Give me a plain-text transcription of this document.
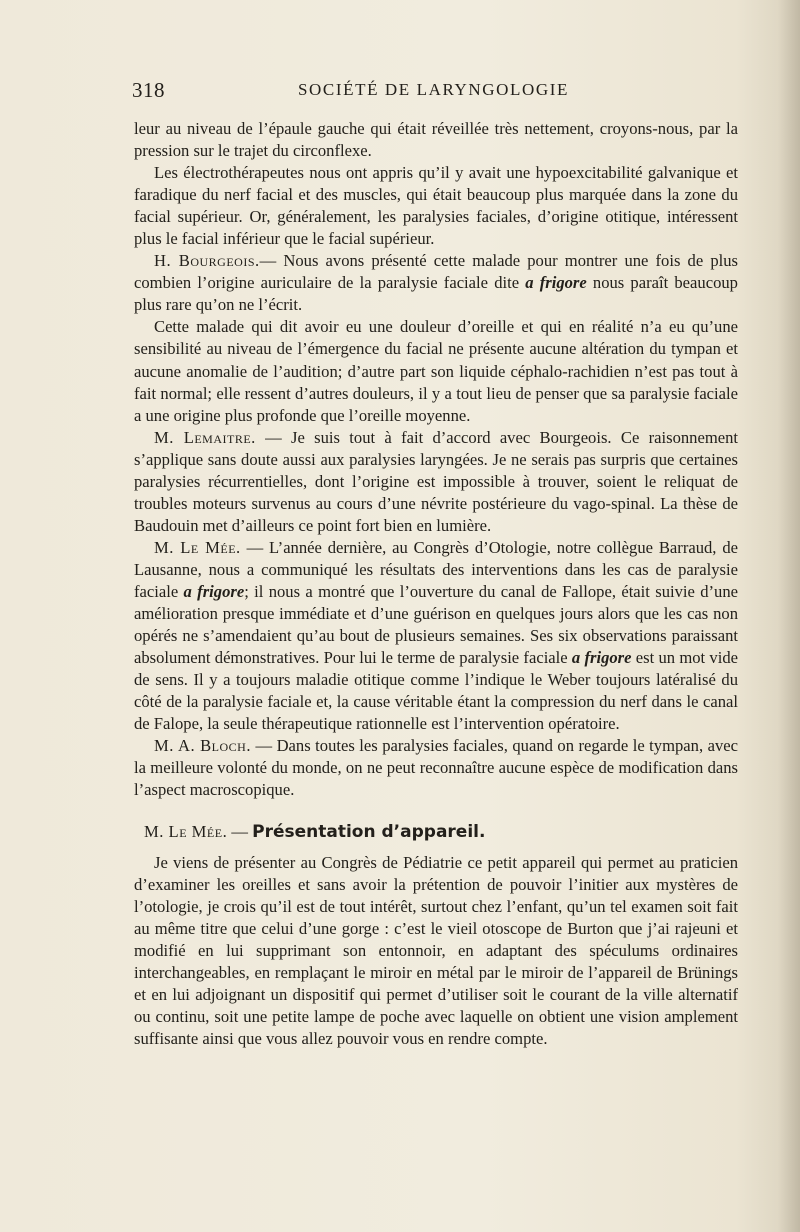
318	SOCIÉTÉ DE LARYNGOLOGIE

leur au niveau de l’épaule gauche qui était réveillée très nettement, croyons-nous, par la pression sur le trajet du circonflexe.

Les électrothérapeutes nous ont appris qu’il y avait une hypoexcitabilité galvanique et faradique du nerf facial et des muscles, qui était beaucoup plus marquée dans la zone du facial supérieur. Or, généralement, les paralysies faciales, d’origine otitique, intéressent plus le facial inférieur que le facial supérieur.

H. Bourgeois.— Nous avons présenté cette malade pour montrer une fois de plus combien l’origine auriculaire de la paralysie faciale dite a frigore nous paraît beaucoup plus rare qu’on ne l’écrit.

Cette malade qui dit avoir eu une douleur d’oreille et qui en réalité n’a eu qu’une sensibilité au niveau de l’émergence du facial ne présente aucune altération du tympan et aucune anomalie de l’audition; d’autre part son liquide céphalo-rachidien n’est pas tout à fait normal; elle ressent d’autres douleurs, il y a tout lieu de penser que sa paralysie faciale a une origine plus profonde que l’oreille moyenne.

M. Lemaitre. — Je suis tout à fait d’accord avec Bourgeois. Ce raisonnement s’applique sans doute aussi aux paralysies laryngées. Je ne serais pas surpris que certaines paralysies récurrentielles, dont l’origine est impossible à trouver, soient le reliquat de troubles moteurs survenus au cours d’une névrite postérieure du vago-spinal. La thèse de Baudouin met d’ailleurs ce point fort bien en lumière.

M. Le Mée. — L’année dernière, au Congrès d’Otologie, notre collègue Barraud, de Lausanne, nous a communiqué les résultats des interventions dans les cas de paralysie faciale a frigore; il nous a montré que l’ouverture du canal de Fallope, était suivie d’une amélioration presque immédiate et d’une guérison en quelques jours alors que les cas non opérés ne s’amendaient qu’au bout de plusieurs semaines. Ses six observations paraissant absolument démonstratives. Pour lui le terme de paralysie faciale a frigore est un mot vide de sens. Il y a toujours maladie otitique comme l’indique le Weber toujours latéralisé du côté de la paralysie faciale et, la cause véritable étant la compression du nerf dans le canal de Falope, la seule thérapeutique rationnelle est l’intervention opératoire.

M. A. Bloch. — Dans toutes les paralysies faciales, quand on regarde le tympan, avec la meilleure volonté du monde, on ne peut reconnaître aucune espèce de modification dans l’aspect macroscopique.

M. Le Mée. — Présentation d’appareil.

Je viens de présenter au Congrès de Pédiatrie ce petit appareil qui permet au praticien d’examiner les oreilles et sans avoir la prétention de pouvoir l’initier aux mystères de l’otologie, je crois qu’il est de tout intérêt, surtout chez l’enfant, qu’un tel examen soit fait au même titre que celui d’une gorge : c’est le vieil otoscope de Burton que j’ai rajeuni et modifié en lui supprimant son entonnoir, en adaptant des spéculums ordinaires interchangeables, en remplaçant le miroir en métal par le miroir de l’appareil de Brünings et en lui adjoignant un dispositif qui permet d’utiliser soit le courant de la ville alternatif ou continu, soit une petite lampe de poche avec laquelle on obtient une vision amplement suffisante ainsi que vous allez pouvoir vous en rendre compte.
